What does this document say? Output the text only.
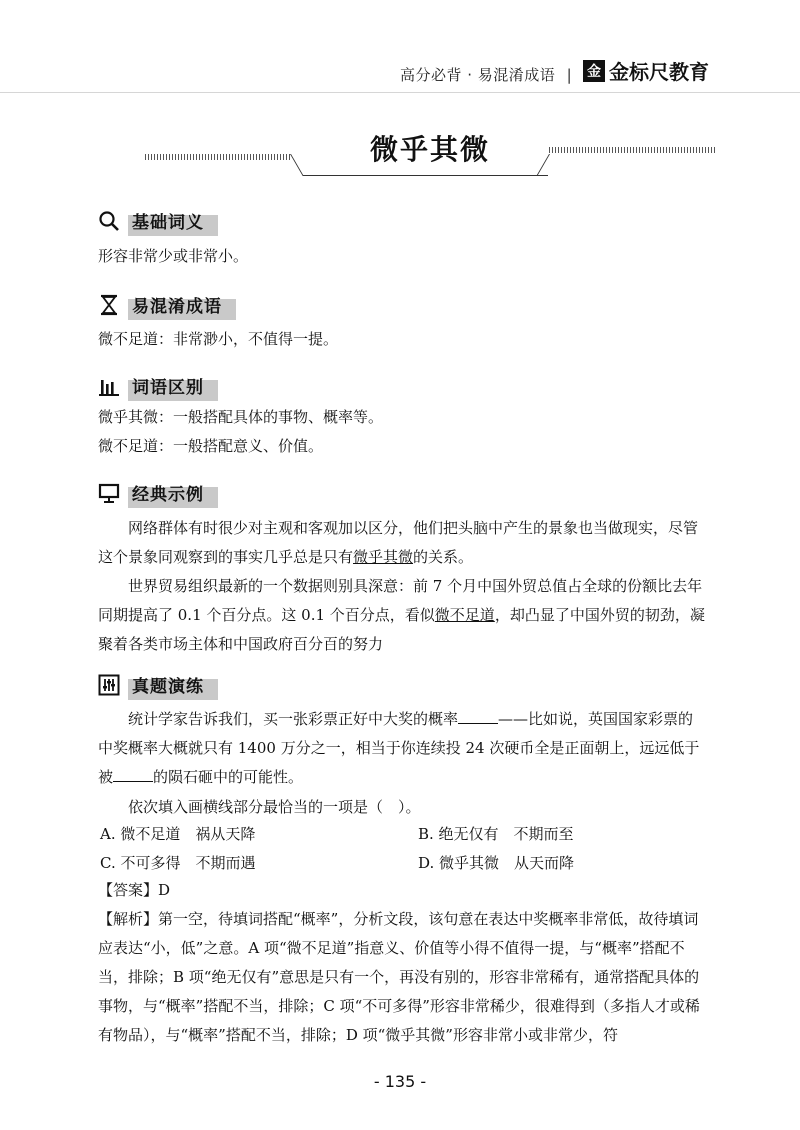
高分必背 · 易混淆成语 |	金 金标尺教育
微乎其微
基础词义
形容非常少或非常小。
易混淆成语
微不足道：非常渺小，不值得一提。
词语区别
微乎其微：一般搭配具体的事物、概率等。
微不足道：一般搭配意义、价值。
经典示例
网络群体有时很少对主观和客观加以区分，他们把头脑中产生的景象也当做现实，尽管这个景象同观察到的事实几乎总是只有微乎其微的关系。
世界贸易组织最新的一个数据则别具深意：前 7 个月中国外贸总值占全球的份额比去年同期提高了 0.1 个百分点。这 0.1 个百分点，看似微不足道，却凸显了中国外贸的韧劲，凝聚着各类市场主体和中国政府百分百的努力
真题演练
统计学家告诉我们，买一张彩票正好中大奖的概率	——比如说，英国国家彩票的中奖概率大概就只有 1400 万分之一，相当于你连续投 24 次硬币全是正面朝上，远远低于被	的陨石砸中的可能性。
依次填入画横线部分最恰当的一项是（　）。
A. 微不足道　祸从天降	B. 绝无仅有　不期而至
C. 不可多得　不期而遇	D. 微乎其微　从天而降
【答案】D
【解析】第一空，待填词搭配“概率”，分析文段，该句意在表达中奖概率非常低，故待填词应表达“小，低”之意。A 项“微不足道”指意义、价值等小得不值得一提，与“概率”搭配不当，排除；B 项“绝无仅有”意思是只有一个，再没有别的，形容非常稀有，通常搭配具体的事物，与“概率”搭配不当，排除；C 项“不可多得”形容非常稀少，很难得到（多指人才或稀有物品），与“概率”搭配不当，排除；D 项“微乎其微”形容非常小或非常少，符
- 135 -
